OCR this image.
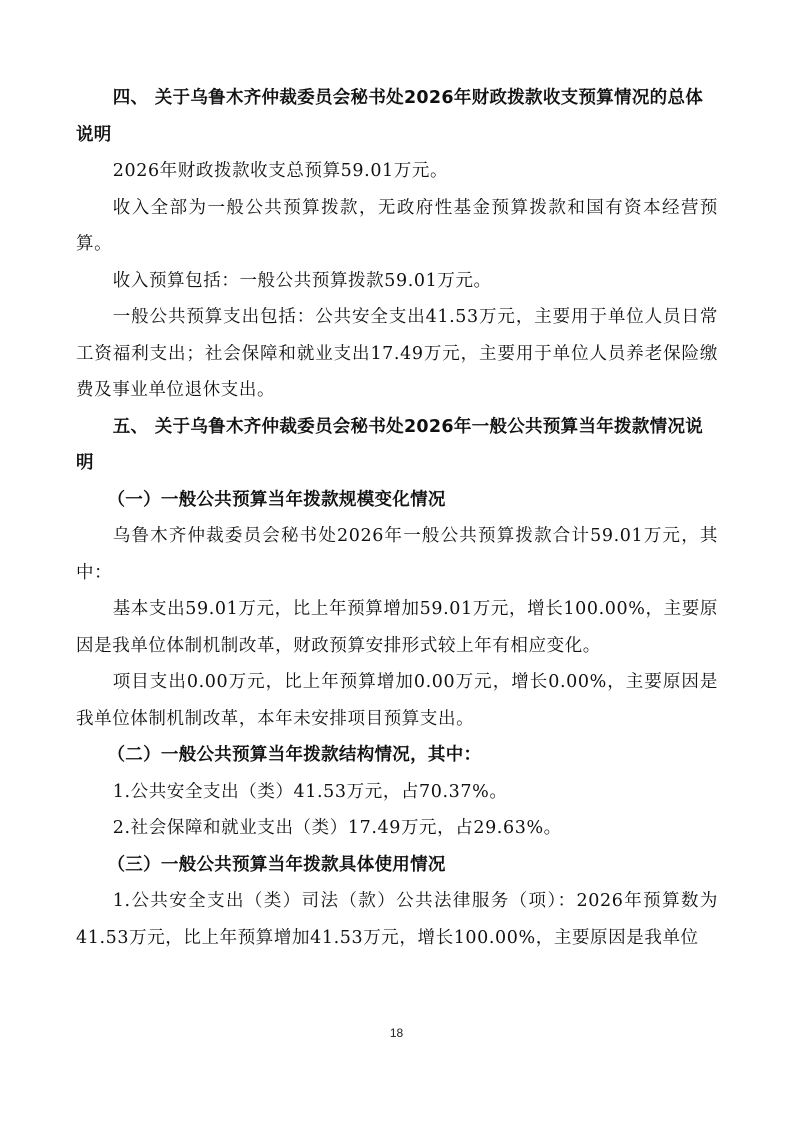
四、 关于乌鲁木齐仲裁委员会秘书处2026年财政拨款收支预算情况的总体说明

2026年财政拨款收支总预算59.01万元。

收入全部为一般公共预算拨款，无政府性基金预算拨款和国有资本经营预算。

收入预算包括：一般公共预算拨款59.01万元。

一般公共预算支出包括：公共安全支出41.53万元，主要用于单位人员日常工资福利支出；社会保障和就业支出17.49万元，主要用于单位人员养老保险缴费及事业单位退休支出。

五、 关于乌鲁木齐仲裁委员会秘书处2026年一般公共预算当年拨款情况说明

（一）一般公共预算当年拨款规模变化情况

乌鲁木齐仲裁委员会秘书处2026年一般公共预算拨款合计59.01万元，其中：

基本支出59.01万元，比上年预算增加59.01万元，增长100.00%，主要原因是我单位体制机制改革，财政预算安排形式较上年有相应变化。

项目支出0.00万元，比上年预算增加0.00万元，增长0.00%，主要原因是我单位体制机制改革，本年未安排项目预算支出。

（二）一般公共预算当年拨款结构情况，其中：

1.公共安全支出（类）41.53万元，占70.37%。

2.社会保障和就业支出（类）17.49万元，占29.63%。

（三）一般公共预算当年拨款具体使用情况

1.公共安全支出（类）司法（款）公共法律服务（项）：2026年预算数为41.53万元，比上年预算增加41.53万元，增长100.00%，主要原因是我单位

18
